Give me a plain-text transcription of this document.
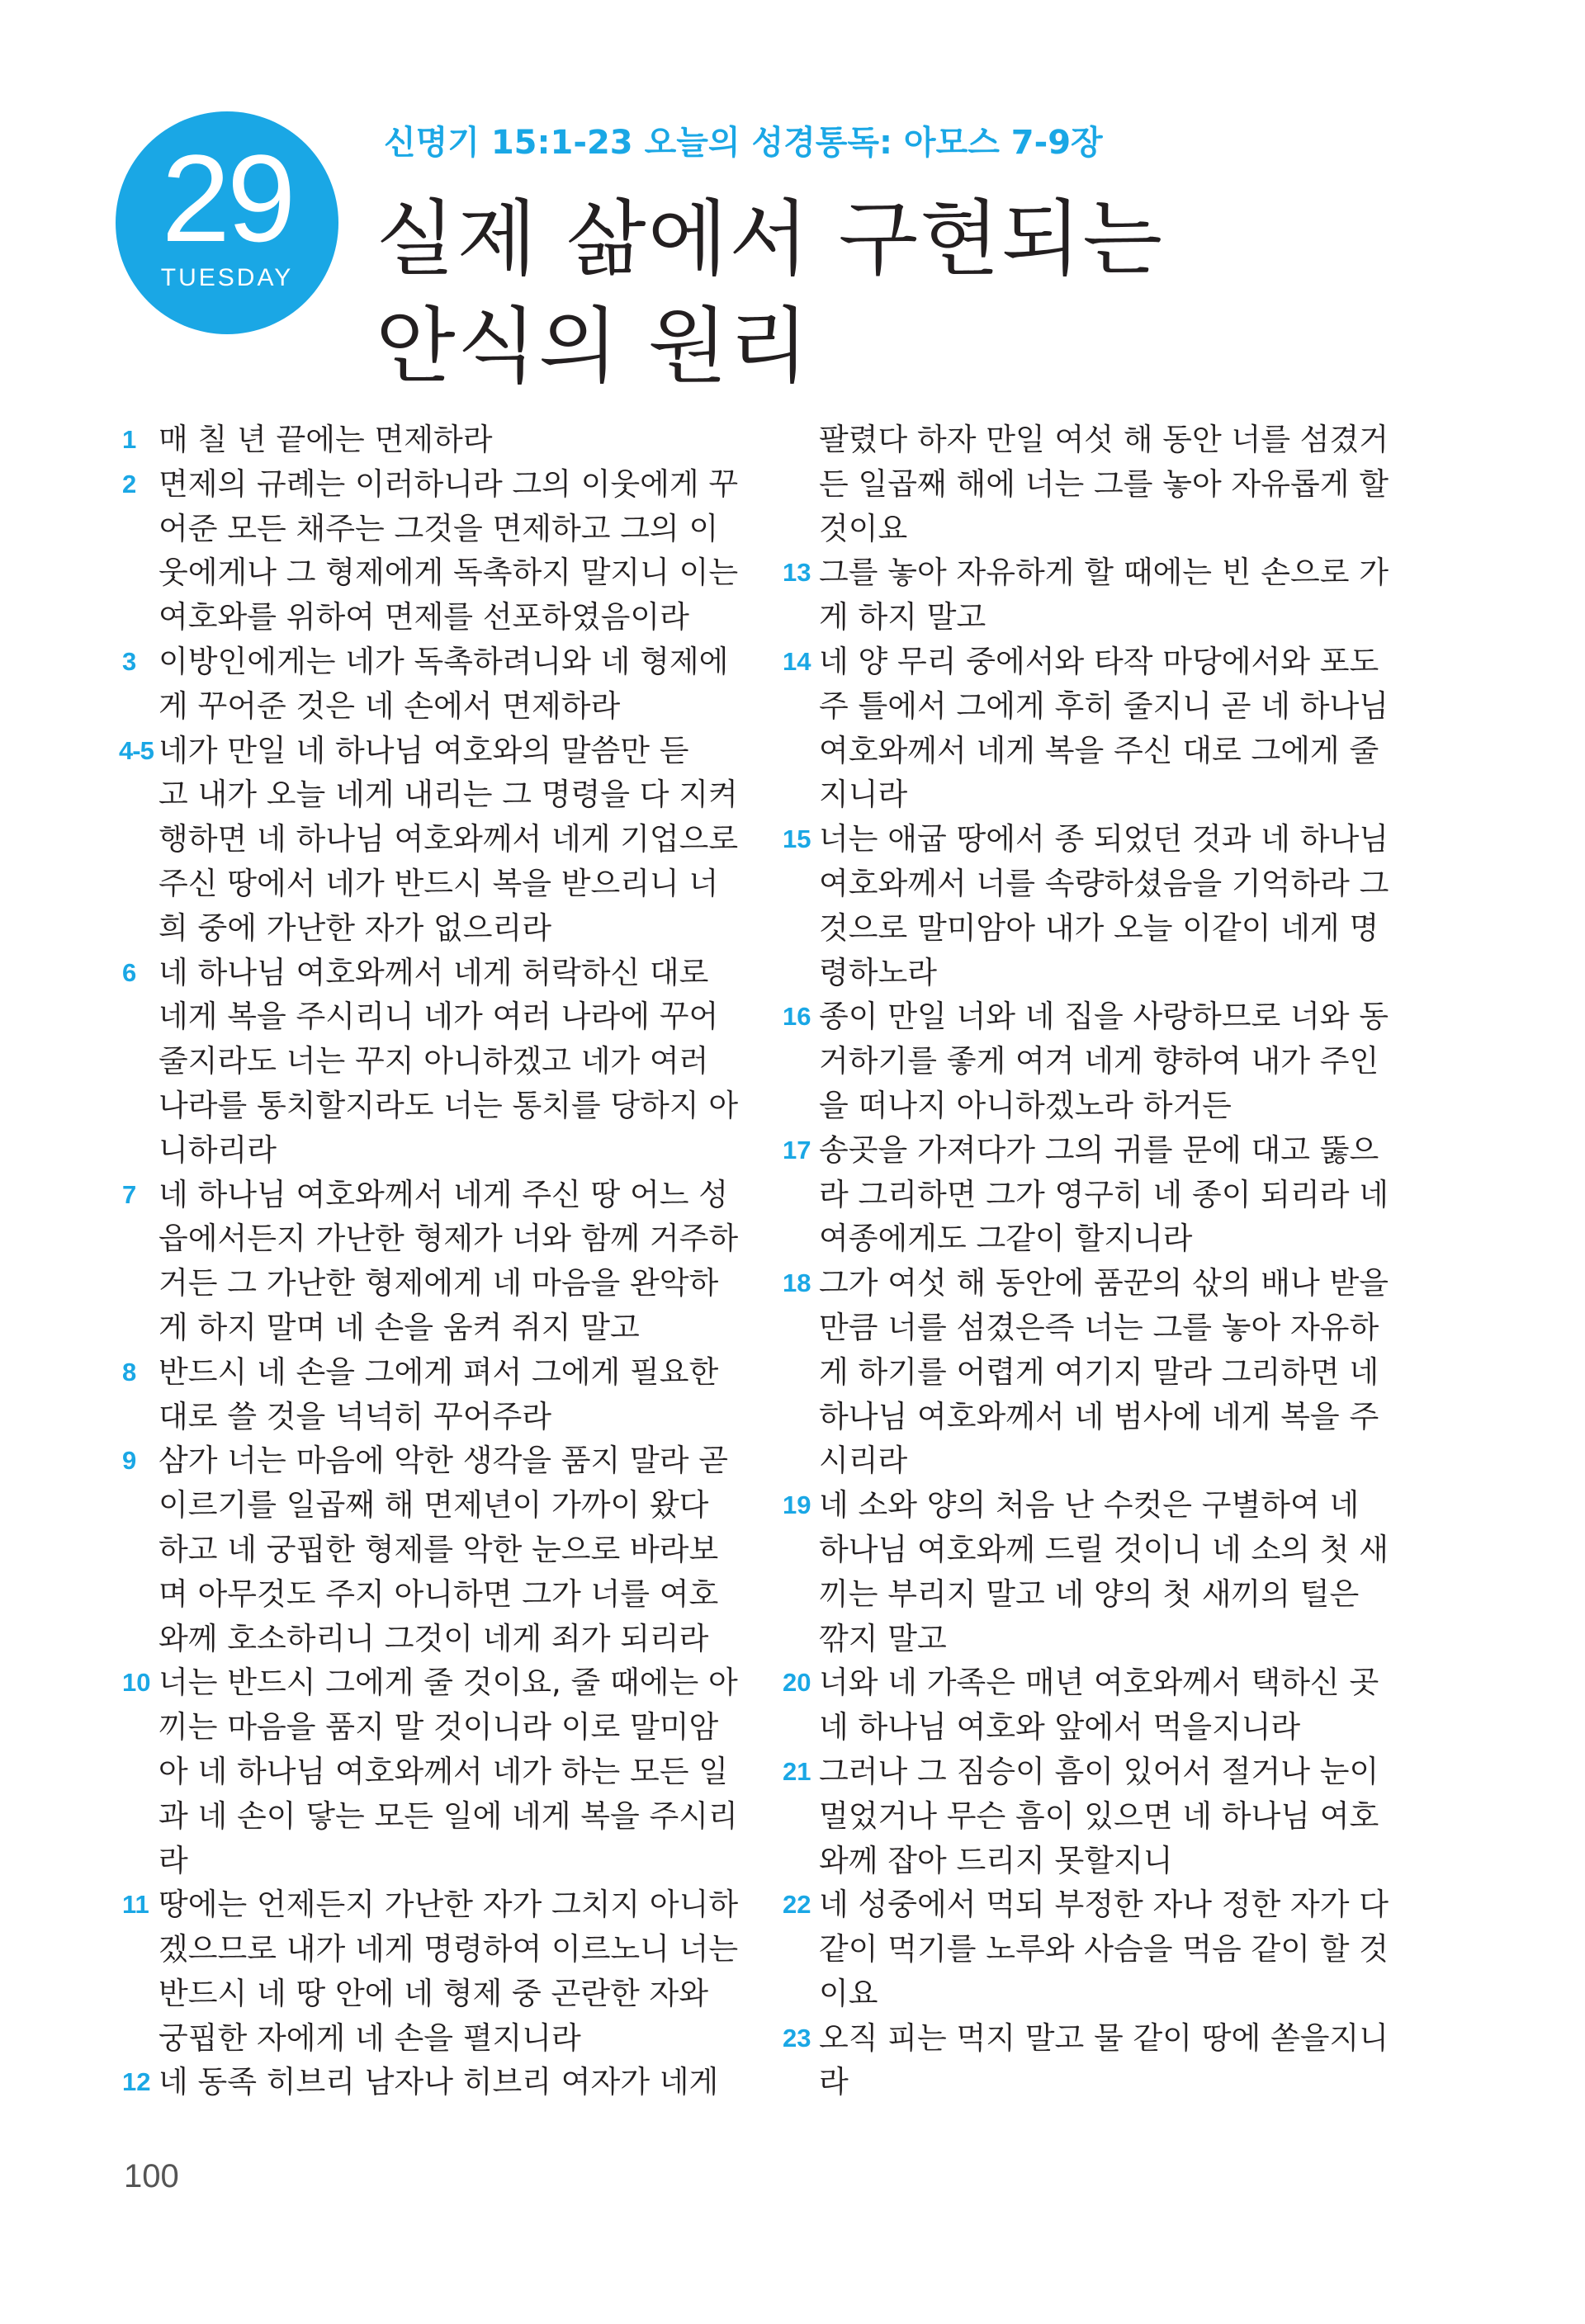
29
TUESDAY
신명기 15:1-23 오늘의 성경통독: 아모스 7-9장
실제 삶에서 구현되는
안식의 원리
1 매 칠 년 끝에는 면제하라
2 면제의 규례는 이러하니라 그의 이웃에게 꾸
어준 모든 채주는 그것을 면제하고 그의 이
웃에게나 그 형제에게 독촉하지 말지니 이는
여호와를 위하여 면제를 선포하였음이라
3 이방인에게는 네가 독촉하려니와 네 형제에
게 꾸어준 것은 네 손에서 면제하라
4-5 네가 만일 네 하나님 여호와의 말씀만 듣
고 내가 오늘 네게 내리는 그 명령을 다 지켜
행하면 네 하나님 여호와께서 네게 기업으로
주신 땅에서 네가 반드시 복을 받으리니 너
희 중에 가난한 자가 없으리라
6 네 하나님 여호와께서 네게 허락하신 대로
네게 복을 주시리니 네가 여러 나라에 꾸어
줄지라도 너는 꾸지 아니하겠고 네가 여러
나라를 통치할지라도 너는 통치를 당하지 아
니하리라
7 네 하나님 여호와께서 네게 주신 땅 어느 성
읍에서든지 가난한 형제가 너와 함께 거주하
거든 그 가난한 형제에게 네 마음을 완악하
게 하지 말며 네 손을 움켜 쥐지 말고
8 반드시 네 손을 그에게 펴서 그에게 필요한
대로 쓸 것을 넉넉히 꾸어주라
9 삼가 너는 마음에 악한 생각을 품지 말라 곧
이르기를 일곱째 해 면제년이 가까이 왔다
하고 네 궁핍한 형제를 악한 눈으로 바라보
며 아무것도 주지 아니하면 그가 너를 여호
와께 호소하리니 그것이 네게 죄가 되리라
10 너는 반드시 그에게 줄 것이요, 줄 때에는 아
끼는 마음을 품지 말 것이니라 이로 말미암
아 네 하나님 여호와께서 네가 하는 모든 일
과 네 손이 닿는 모든 일에 네게 복을 주시리
라
11 땅에는 언제든지 가난한 자가 그치지 아니하
겠으므로 내가 네게 명령하여 이르노니 너는
반드시 네 땅 안에 네 형제 중 곤란한 자와
궁핍한 자에게 네 손을 펼지니라
12 네 동족 히브리 남자나 히브리 여자가 네게
팔렸다 하자 만일 여섯 해 동안 너를 섬겼거
든 일곱째 해에 너는 그를 놓아 자유롭게 할
것이요
13 그를 놓아 자유하게 할 때에는 빈 손으로 가
게 하지 말고
14 네 양 무리 중에서와 타작 마당에서와 포도
주 틀에서 그에게 후히 줄지니 곧 네 하나님
여호와께서 네게 복을 주신 대로 그에게 줄
지니라
15 너는 애굽 땅에서 종 되었던 것과 네 하나님
여호와께서 너를 속량하셨음을 기억하라 그
것으로 말미암아 내가 오늘 이같이 네게 명
령하노라
16 종이 만일 너와 네 집을 사랑하므로 너와 동
거하기를 좋게 여겨 네게 향하여 내가 주인
을 떠나지 아니하겠노라 하거든
17 송곳을 가져다가 그의 귀를 문에 대고 뚫으
라 그리하면 그가 영구히 네 종이 되리라 네
여종에게도 그같이 할지니라
18 그가 여섯 해 동안에 품꾼의 삯의 배나 받을
만큼 너를 섬겼은즉 너는 그를 놓아 자유하
게 하기를 어렵게 여기지 말라 그리하면 네
하나님 여호와께서 네 범사에 네게 복을 주
시리라
19 네 소와 양의 처음 난 수컷은 구별하여 네
하나님 여호와께 드릴 것이니 네 소의 첫 새
끼는 부리지 말고 네 양의 첫 새끼의 털은
깎지 말고
20 너와 네 가족은 매년 여호와께서 택하신 곳
네 하나님 여호와 앞에서 먹을지니라
21 그러나 그 짐승이 흠이 있어서 절거나 눈이
멀었거나 무슨 흠이 있으면 네 하나님 여호
와께 잡아 드리지 못할지니
22 네 성중에서 먹되 부정한 자나 정한 자가 다
같이 먹기를 노루와 사슴을 먹음 같이 할 것
이요
23 오직 피는 먹지 말고 물 같이 땅에 쏟을지니
라
100
